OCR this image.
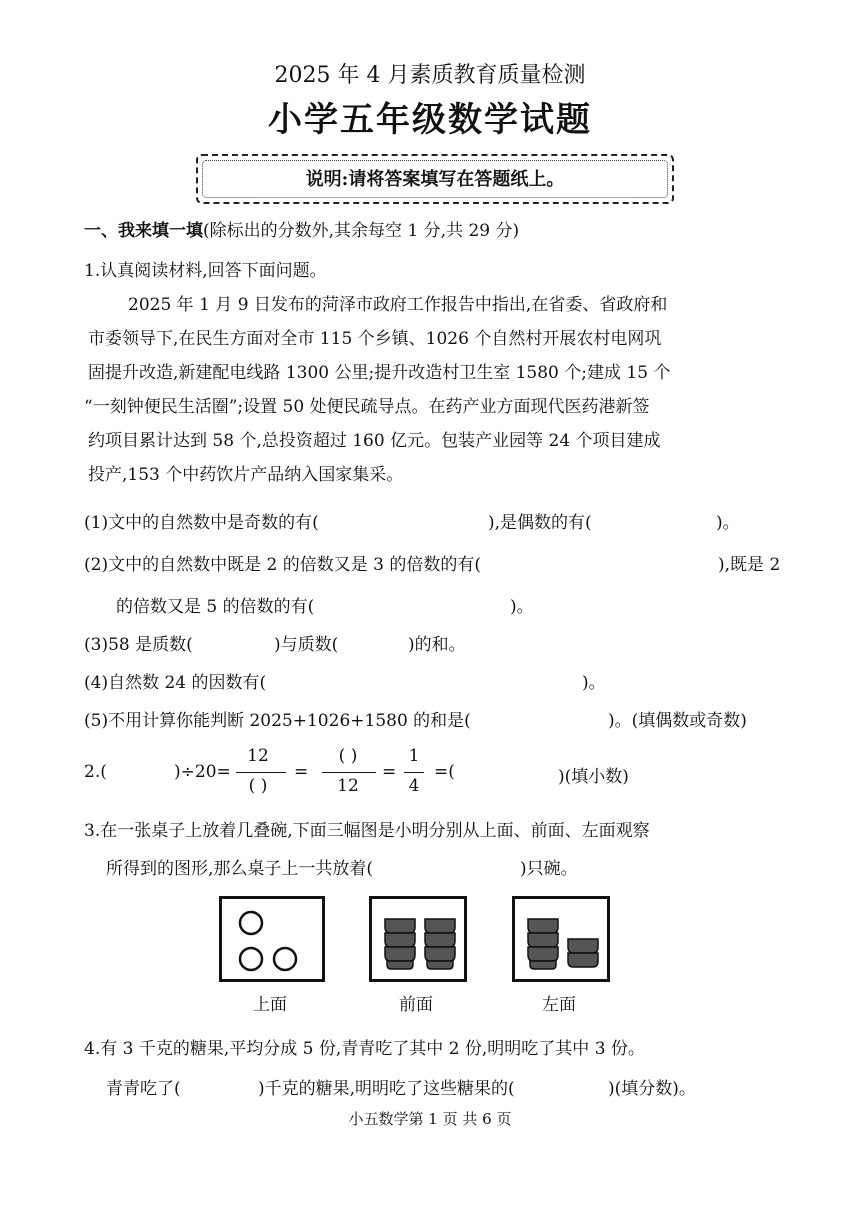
2025 年 4 月素质教育质量检测
小学五年级数学试题
说明:请将答案填写在答题纸上。
一、我来填一填(除标出的分数外,其余每空 1 分,共 29 分)
1.认真阅读材料,回答下面问题。
2025 年 1 月 9 日发布的菏泽市政府工作报告中指出,在省委、省政府和
市委领导下,在民生方面对全市 115 个乡镇、1026 个自然村开展农村电网巩
固提升改造,新建配电线路 1300 公里;提升改造村卫生室 1580 个;建成 15 个
“一刻钟便民生活圈”;设置 50 处便民疏导点。在药产业方面现代医药港新签
约项目累计达到 58 个,总投资超过 160 亿元。包装产业园等 24 个项目建成
投产,153 个中药饮片产品纳入国家集采。
(1)文中的自然数中是奇数的有(	),是偶数的有(	)。
(2)文中的自然数中既是 2 的倍数又是 3 的倍数的有(	),既是 2
的倍数又是 5 的倍数的有(	)。
(3)58 是质数(	)与质数(	)的和。
(4)自然数 24 的因数有(	)。
(5)不用计算你能判断 2025+1026+1580 的和是(	)。(填偶数或奇数)
2.(	)÷20=
12
( )
=
( )
12
=
1
4
=(	)(填小数)
3.在一张桌子上放着几叠碗,下面三幅图是小明分别从上面、前面、左面观察
所得到的图形,那么桌子上一共放着(	)只碗。
上面	前面	左面
4.有 3 千克的糖果,平均分成 5 份,青青吃了其中 2 份,明明吃了其中 3 份。
青青吃了(	)千克的糖果,明明吃了这些糖果的(	)(填分数)。
小五数学第 1 页 共 6 页
